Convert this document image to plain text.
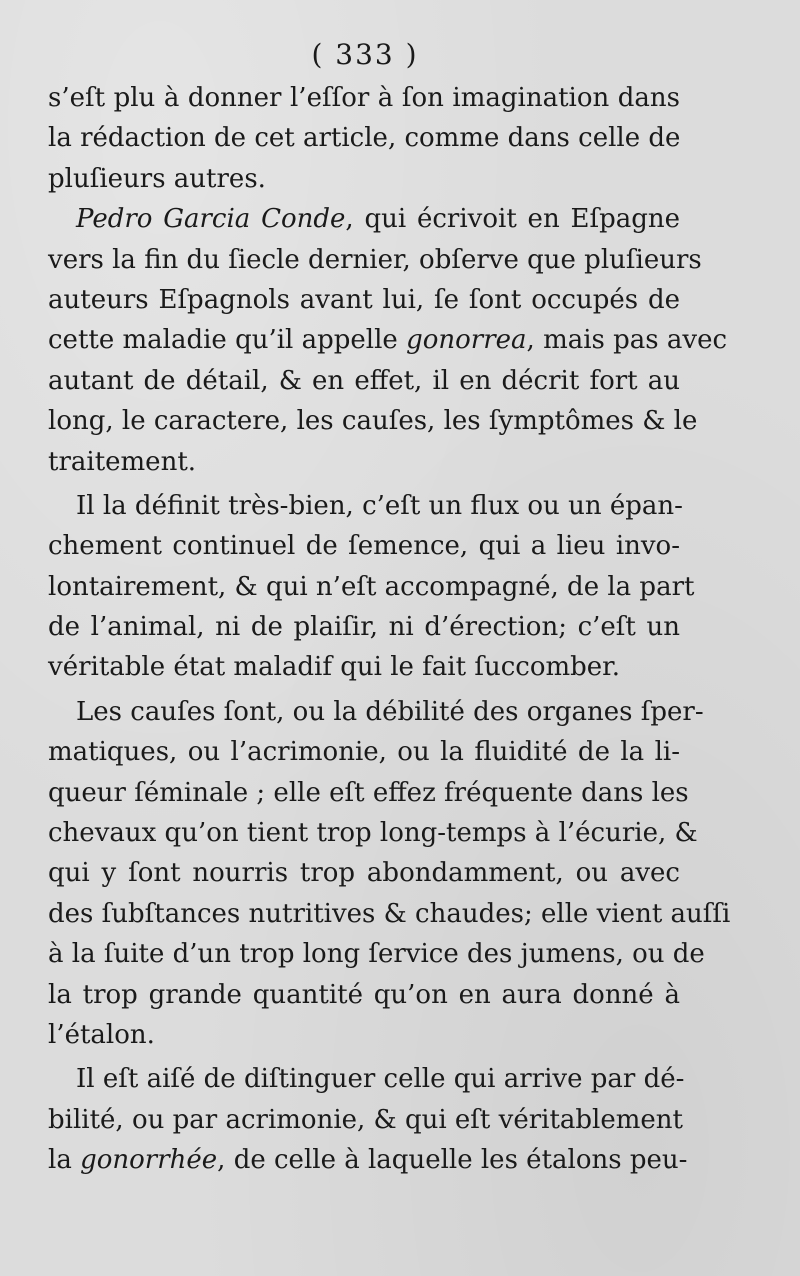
( 333 )
s’eſt plu à donner l’eſſor à ſon imagination dans
la rédaction de cet article, comme dans celle de
pluſieurs autres.
Pedro Garcia Conde, qui écrivoit en Eſpagne
vers la fin du ſiecle dernier, obſerve que pluſieurs
auteurs Eſpagnols avant lui, ſe ſont occupés de
cette maladie qu’il appelle gonorrea, mais pas avec
autant de détail, & en effet, il en décrit fort au
long, le caractere, les cauſes, les ſymptômes & le
traitement.
Il la définit très-bien, c’eſt un flux ou un épan-
chement continuel de ſemence, qui a lieu invo-
lontairement, & qui n’eſt accompagné, de la part
de l’animal, ni de plaiſir, ni d’érection; c’eſt un
véritable état maladif qui le fait ſuccomber.
Les cauſes ſont, ou la débilité des organes ſper-
matiques, ou l’acrimonie, ou la fluidité de la li-
queur ſéminale ; elle eſt effez fréquente dans les
chevaux qu’on tient trop long-temps à l’écurie, &
qui y ſont nourris trop abondamment, ou avec
des ſubſtances nutritives & chaudes; elle vient auſſi
à la ſuite d’un trop long ſervice des jumens, ou de
la trop grande quantité qu’on en aura donné à
l’étalon.
Il eſt aiſé de diſtinguer celle qui arrive par dé-
bilité, ou par acrimonie, & qui eſt véritablement
la gonorrhée, de celle à laquelle les étalons peu-
